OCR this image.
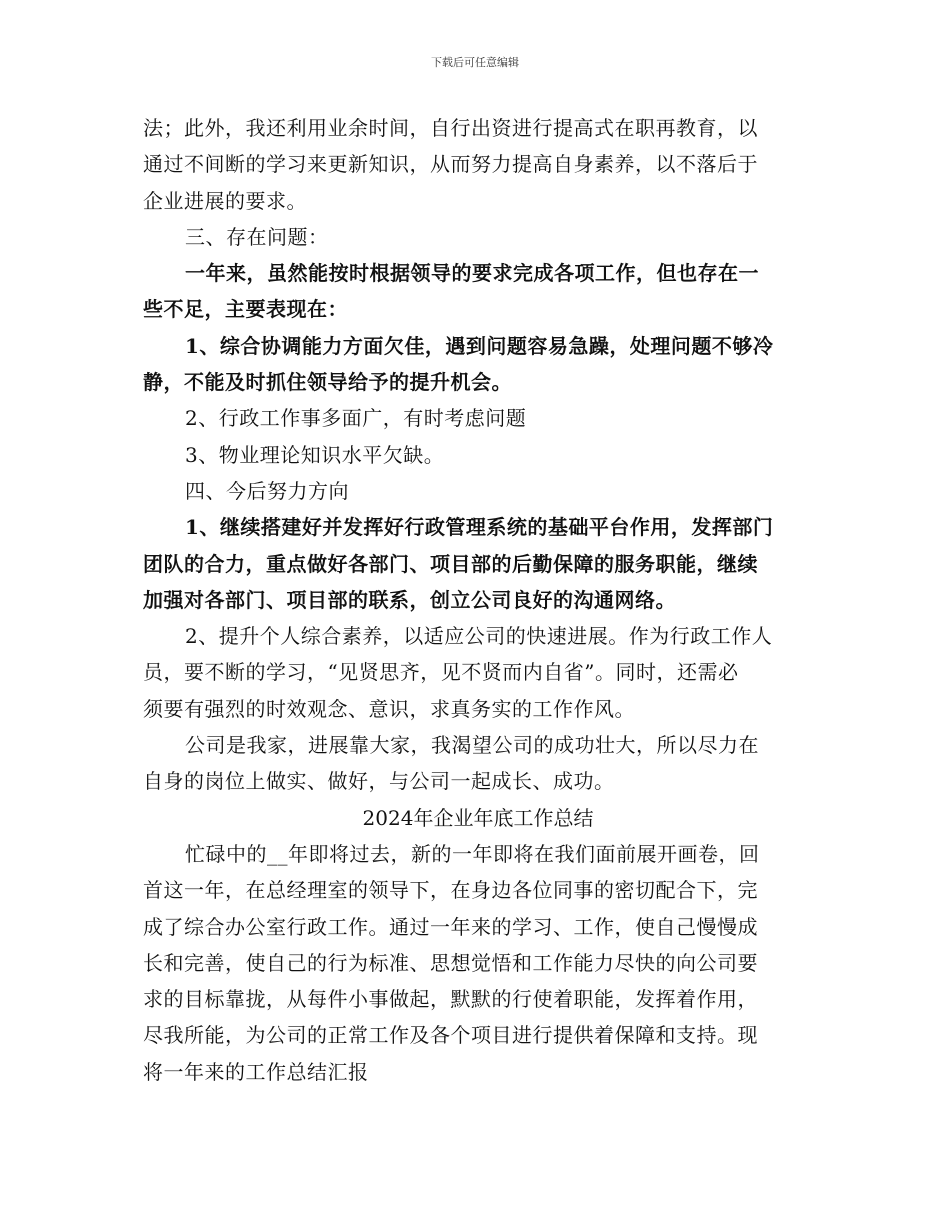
下载后可任意编辑
法；此外，我还利用业余时间，自行出资进行提高式在职再教育，以
通过不间断的学习来更新知识，从而努力提高自身素养，以不落后于
企业进展的要求。
三、存在问题：
一年来，虽然能按时根据领导的要求完成各项工作，但也存在一
些不足，主要表现在：
1、综合协调能力方面欠佳，遇到问题容易急躁，处理问题不够冷
静，不能及时抓住领导给予的提升机会。
2、行政工作事多面广，有时考虑问题
3、物业理论知识水平欠缺。
四、今后努力方向
1、继续搭建好并发挥好行政管理系统的基础平台作用，发挥部门
团队的合力，重点做好各部门、项目部的后勤保障的服务职能，继续
加强对各部门、项目部的联系，创立公司良好的沟通网络。
2、提升个人综合素养，以适应公司的快速进展。作为行政工作人
员，要不断的学习，“见贤思齐，见不贤而内自省”。同时，还需必
须要有强烈的时效观念、意识，求真务实的工作作风。
公司是我家，进展靠大家，我渴望公司的成功壮大，所以尽力在
自身的岗位上做实、做好，与公司一起成长、成功。
2024年企业年底工作总结
忙碌中的__年即将过去，新的一年即将在我们面前展开画卷，回
首这一年，在总经理室的领导下，在身边各位同事的密切配合下，完
成了综合办公室行政工作。通过一年来的学习、工作，使自己慢慢成
长和完善，使自己的行为标准、思想觉悟和工作能力尽快的向公司要
求的目标靠拢，从每件小事做起，默默的行使着职能，发挥着作用，
尽我所能，为公司的正常工作及各个项目进行提供着保障和支持。现
将一年来的工作总结汇报
